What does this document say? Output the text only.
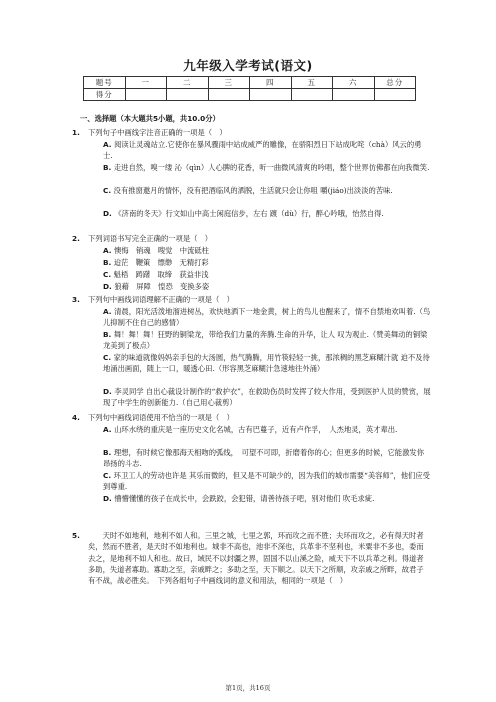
九年级入学考试(语文)
题号	一	二	三	四	五	六	总分
得分							
一、选择题（本大题共5小题，共10.0分）
1. 下列句子中画线字注音正确的一项是（　）
A. 阅读让灵魂站立.它使你在暴风骤雨中站成威严的雕像，在骄阳烈日下站成叱咤（chà）风云的勇士.
B. 走进自然，嗅一缕 沁（qìn）人心脾的花香，听一曲微风清爽的吟唱，整个世界仿佛都在向我微笑.
C. 没有推窗邀月的情怀，没有把酒临风的洒脱，生活就只会让你咀 嚼(jiáo)出淡淡的苦味.
D. 《济南的冬天》行文如山中高士闲庭信步，左右 踱（dù）行，醉心吟哦，怡然自得.
2. 下列词语书写完全正确的一项是（　）
A. 懊悔　销魂　嗖觉　中流砥柱
B. 迨茫　鞭策　缥缈　无精打彩
C. 魁梧　踌躇　取缔　获益非浅
D. 狼藉　屏障　惶恐　变换多姿
3. 下列句中画线词语理解不正确的一项是（　）
A. 清晨，阳光活泼地溜进树丛，欢快地洒下一地金黄，树上的鸟儿也醒来了，情不自禁地欢叫着.（鸟儿抑制不住自己的感情）
B. 舞！舞！舞！狂野的铜梁龙，带给我们力量的奔腾.生命的升华，让人 叹为观止.（赞美舞动的铜梁龙美到了极点）
C. 家的味道就像妈妈亲手包的大汤圆，热气腾腾，用竹筷轻轻一挑，那浓稠的黑芝麻糊汁就 迫不及待地涌出画面，随上一口，暖透心田.（形容黑芝麻糊汁急速地往外涌）
D. 李灵同学 自出心裁设计制作的“救护衣”，在救助伤员时发挥了较大作用，受到医护人员的赞赏，展现了中学生的创新能力.（自己用心裁剪）
4. 下列句中画线词语使用不恰当的一项是（　）
A. 山环水绕的重庆是一座历史文化名城，古有巴蔓子，近有卢作孚，　人杰地灵，英才辈出.
B. 理想，有时候它像那海天相吻的弧线，　可望不可即，折磨着你的心；但更多的时候，它能激发你昂扬的斗志.
C. 环卫工人的劳动也许是 其乐而微的，但又是不可缺少的，因为我们的城市需要“美容师”，他们应受到尊重.
D. 懵懵懂懂的孩子在成长中，会跌跤，会犯错，请善待孩子吧，别对他们 吹毛求疵.
5. 　　天时不如地利，地利不如人和。三里之城，七里之郭，环而攻之而不胜；夫环而攻之，必有得天时者矣，然而不胜者，是天时不如地利也。城非不高也，池非不深也，兵革非不坚利也，米粟非不多也，委而去之，是地利不如人和也。故曰，域民不以封疆之界，固国不以山溪之险，威天下不以兵革之利。得道者多助，失道者寡助。寡助之至，亲戚畔之；多助之至，天下顺之。以天下之所顺，攻亲戚之所畔，故君子有不战，战必胜矣。　下列各组句子中画线词的意义和用法，相同的一项是（　）
第1页，共16页
